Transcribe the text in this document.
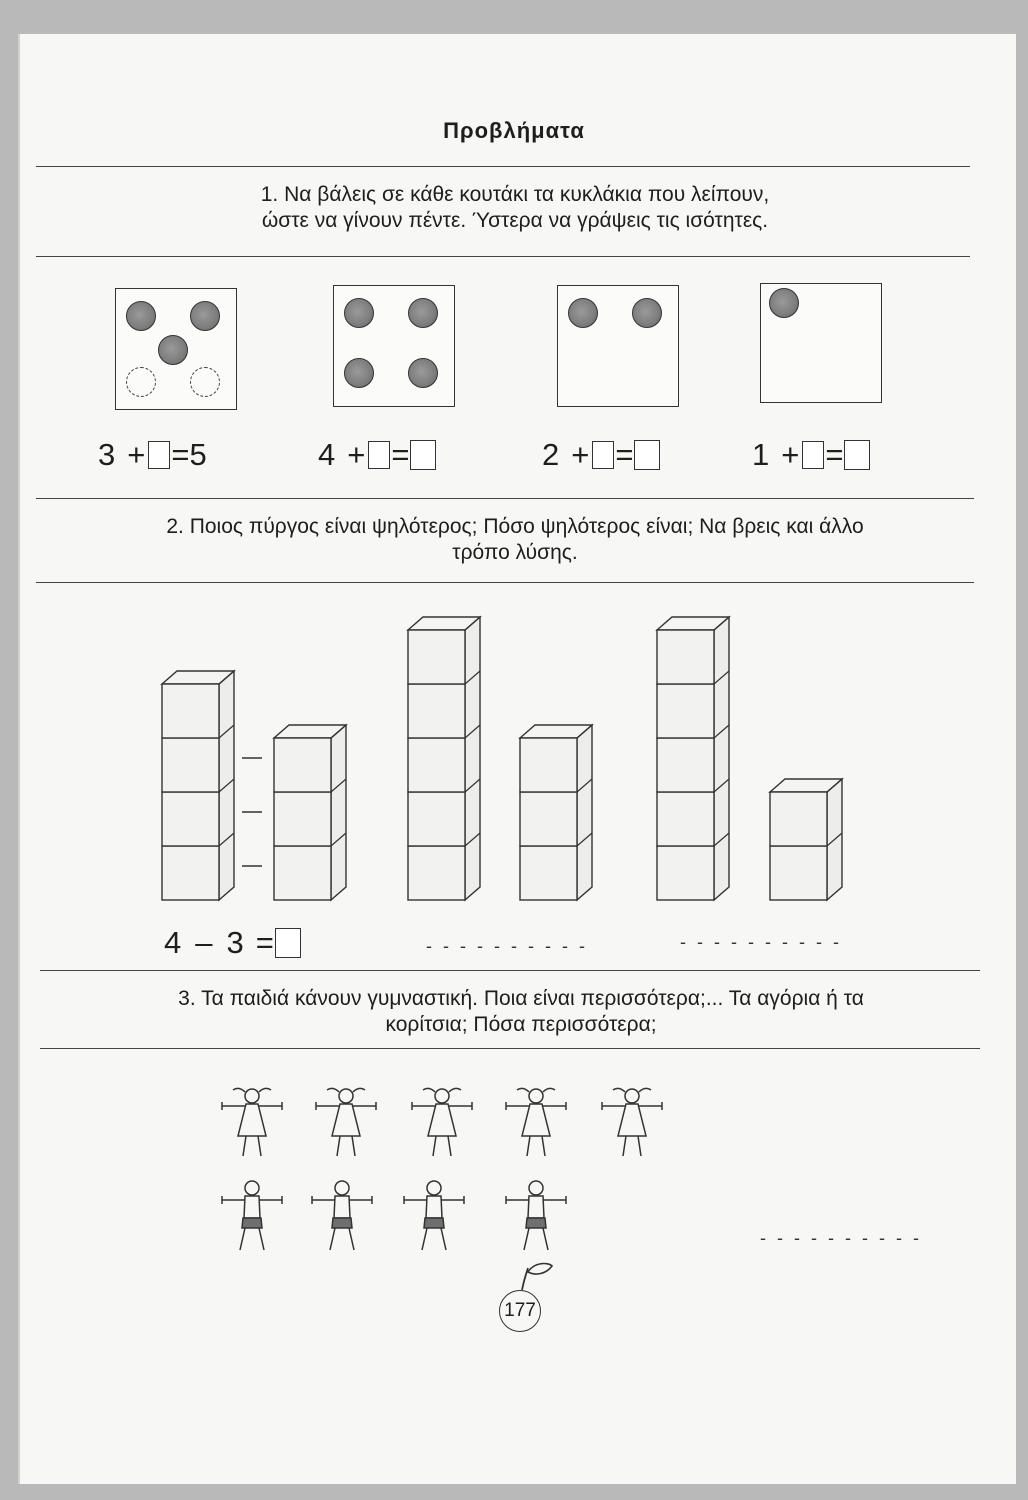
Προβλήματα
1. Να βάλεις σε κάθε κουτάκι τα κυκλάκια που λείπουν,
ώστε να γίνουν πέντε. Ύστερα να γράψεις τις ισότητες.
3 + = 5	4 + =	2 + =	1 + =
2. Ποιος πύργος είναι ψηλότερος; Πόσο ψηλότερος είναι; Να βρεις και άλλο
τρόπο λύσης.
4 – 3 =	- - - - - - - - - -	- - - - - - - - - -
3. Τα παιδιά κάνουν γυμναστική. Ποια είναι περισσότερα;... Τα αγόρια ή τα
κορίτσια; Πόσα περισσότερα;
- - - - - - - - - -
177
